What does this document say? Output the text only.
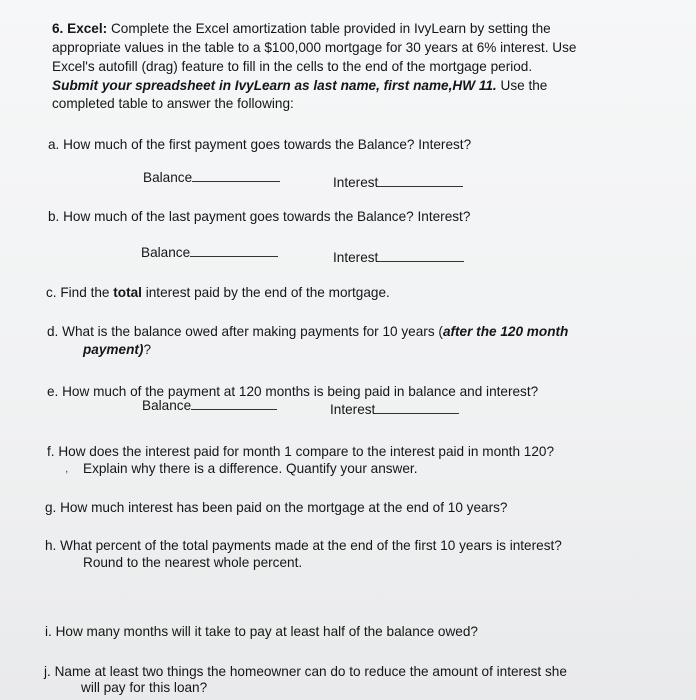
6. Excel: Complete the Excel amortization table provided in IvyLearn by setting the
appropriate values in the table to a $100,000 mortgage for 30 years at 6% interest. Use
Excel's autofill (drag) feature to fill in the cells to the end of the mortgage period.
Submit your spreadsheet in IvyLearn as last name, first name,HW 11. Use the
completed table to answer the following:
a. How much of the first payment goes towards the Balance? Interest?
Balance	Interest
b. How much of the last payment goes towards the Balance? Interest?
Balance	Interest
c. Find the total interest paid by the end of the mortgage.
d. What is the balance owed after making payments for 10 years (after the 120 month
payment)?
e. How much of the payment at 120 months is being paid in balance and interest?
Balance	Interest
f. How does the interest paid for month 1 compare to the interest paid in month 120?
Explain why there is a difference. Quantify your answer.
,
g. How much interest has been paid on the mortgage at the end of 10 years?
h. What percent of the total payments made at the end of the first 10 years is interest?
Round to the nearest whole percent.
i. How many months will it take to pay at least half of the balance owed?
j. Name at least two things the homeowner can do to reduce the amount of interest she
will pay for this loan?
